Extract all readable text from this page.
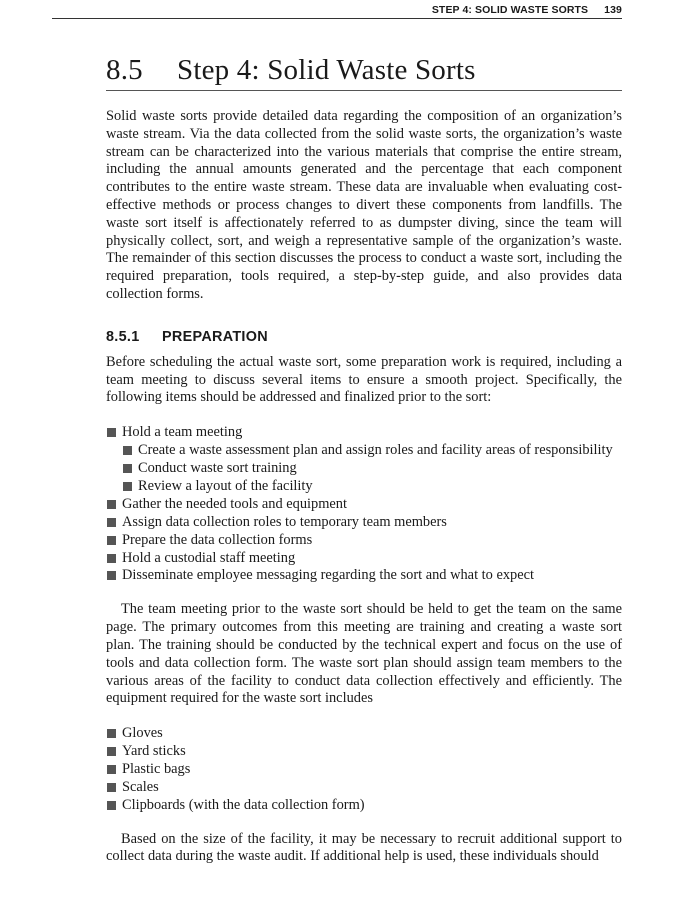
STEP 4: SOLID WASTE SORTS 139
8.5 Step 4: Solid Waste Sorts

Solid waste sorts provide detailed data regarding the composition of an organization’s waste stream. Via the data collected from the solid waste sorts, the organization’s waste stream can be characterized into the various materials that comprise the entire stream, including the annual amounts generated and the percentage that each component contributes to the entire waste stream. These data are invaluable when evaluating cost-effective methods or process changes to divert these components from landfills. The waste sort itself is affectionately referred to as dumpster diving, since the team will physically collect, sort, and weigh a representative sample of the organization’s waste. The remainder of this section discusses the process to conduct a waste sort, including the required preparation, tools required, a step-by-step guide, and also provides data collection forms.

8.5.1 PREPARATION

Before scheduling the actual waste sort, some preparation work is required, including a team meeting to discuss several items to ensure a smooth project. Specifically, the following items should be addressed and finalized prior to the sort:

Hold a team meeting
Create a waste assessment plan and assign roles and facility areas of responsibility
Conduct waste sort training
Review a layout of the facility
Gather the needed tools and equipment
Assign data collection roles to temporary team members
Prepare the data collection forms
Hold a custodial staff meeting
Disseminate employee messaging regarding the sort and what to expect

The team meeting prior to the waste sort should be held to get the team on the same page. The primary outcomes from this meeting are training and creating a waste sort plan. The training should be conducted by the technical expert and focus on the use of tools and data collection form. The waste sort plan should assign team members to the various areas of the facility to conduct data collection effectively and efficiently. The equipment required for the waste sort includes

Gloves
Yard sticks
Plastic bags
Scales
Clipboards (with the data collection form)

Based on the size of the facility, it may be necessary to recruit additional support to collect data during the waste audit. If additional help is used, these individuals should
